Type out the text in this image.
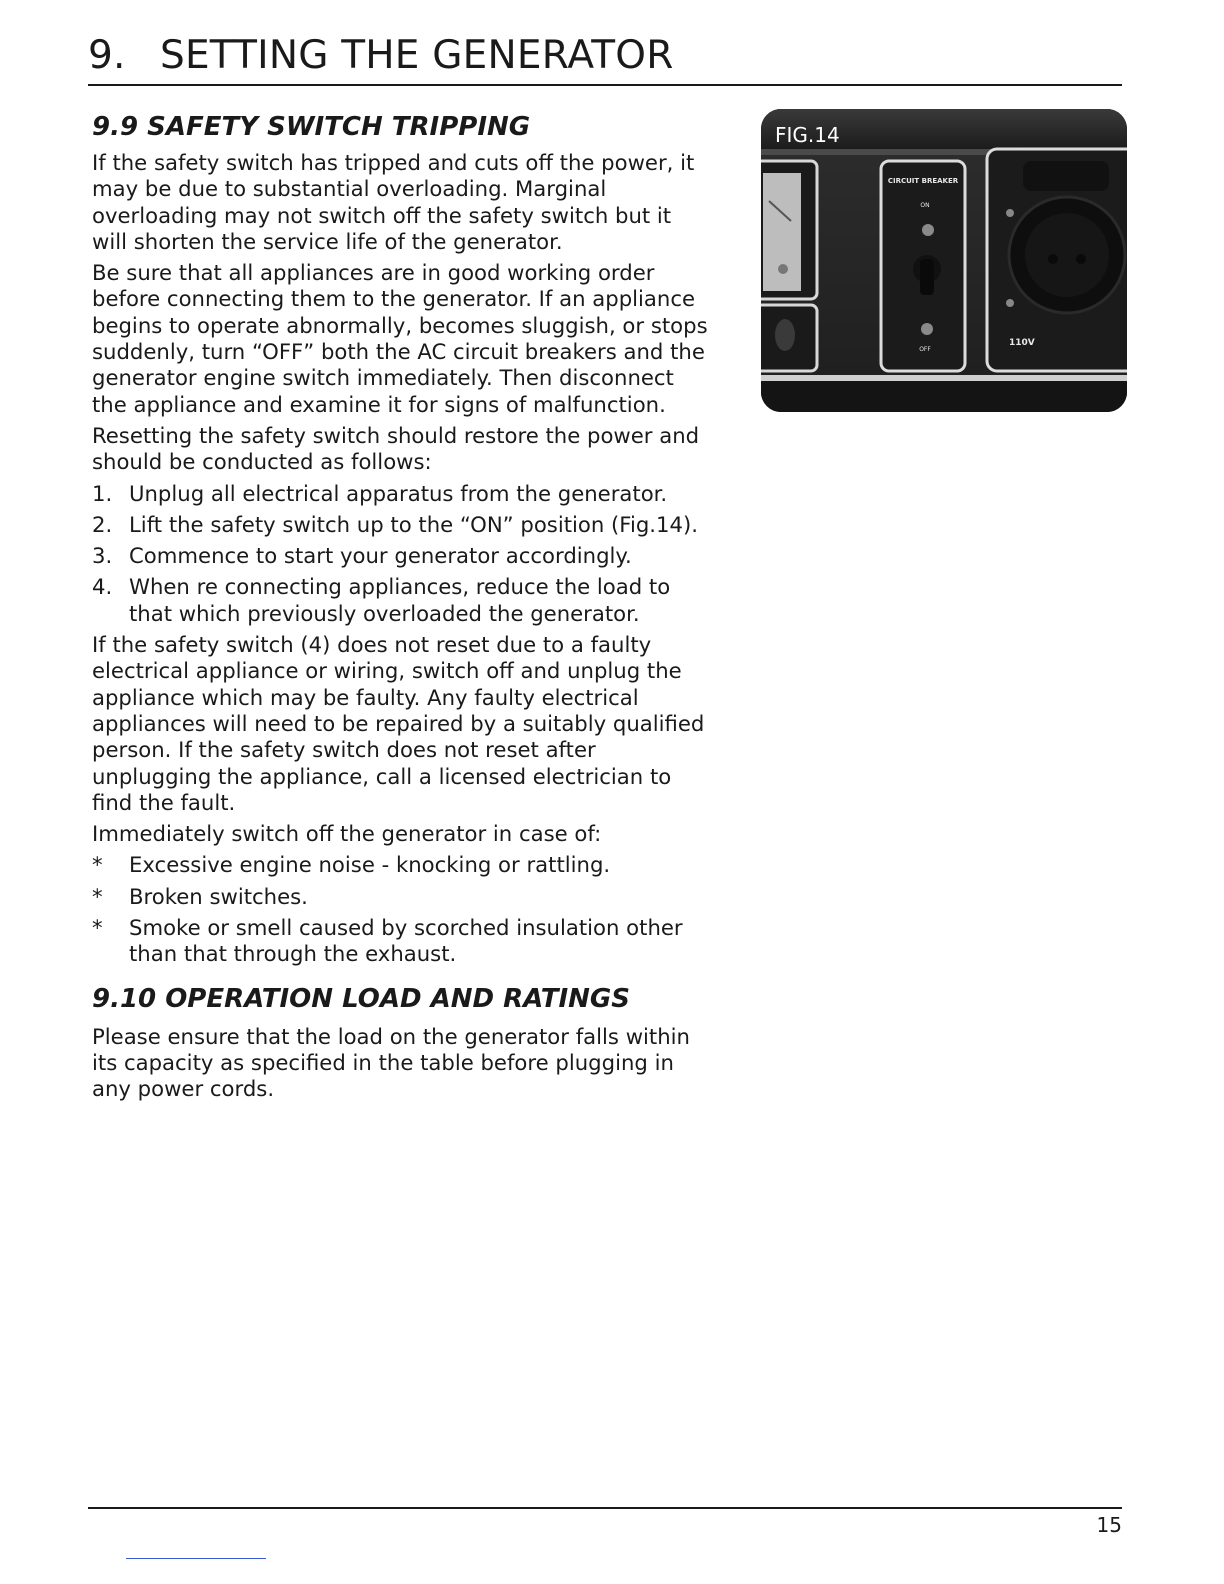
9. SETTING THE GENERATOR
9.9 SAFETY SWITCH TRIPPING

If the safety switch has tripped and cuts off the power, it may be due to substantial overloading. Marginal overloading may not switch off the safety switch but it will shorten the service life of the generator.

Be sure that all appliances are in good working order before connecting them to the generator. If an appliance begins to operate abnormally, becomes sluggish, or stops suddenly, turn “OFF” both the AC circuit breakers and the generator engine switch immediately. Then disconnect the appliance and examine it for signs of malfunction.

Resetting the safety switch should restore the power and should be conducted as follows:

1. Unplug all electrical apparatus from the generator.
2. Lift the safety switch up to the “ON” position (Fig.14).
3. Commence to start your generator accordingly.
4. When re connecting appliances, reduce the load to that which previously overloaded the generator.

If the safety switch (4) does not reset due to a faulty electrical appliance or wiring, switch off and unplug the appliance which may be faulty. Any faulty electrical appliances will need to be repaired by a suitably qualified person. If the safety switch does not reset after unplugging the appliance, call a licensed electrician to find the fault.

Immediately switch off the generator in case of:

* Excessive engine noise - knocking or rattling.
* Broken switches.
* Smoke or smell caused by scorched insulation other than that through the exhaust.
9.10 OPERATION LOAD AND RATINGS

Please ensure that the load on the generator falls within its capacity as specified in the table before plugging in any power cords.

CIRCUIT BREAKER
ON
OFF
110V
FIG.14
15
